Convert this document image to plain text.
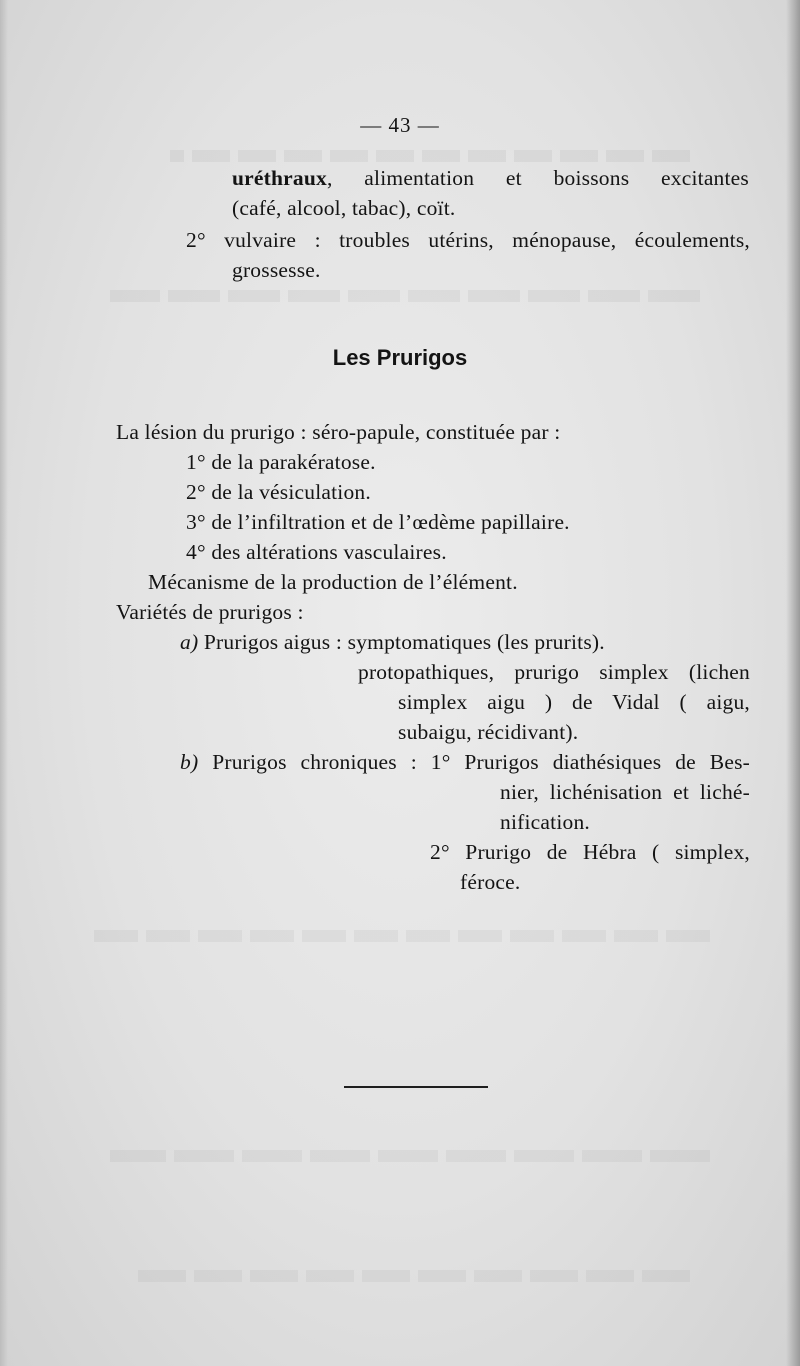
— 43 —
uréthraux, alimentation et boissons excitantes
(café, alcool, tabac), coït.
2° vulvaire : troubles utérins, ménopause, écoulements,
grossesse.
Les Prurigos
La lésion du prurigo : séro-papule, constituée par :
1° de la parakératose.
2° de la vésiculation.
3° de l’infiltration et de l’œdème papillaire.
4° des altérations vasculaires.
Mécanisme de la production de l’élément.
Variétés de prurigos :
a) Prurigos aigus : symptomatiques (les prurits).
protopathiques, prurigo simplex (lichen
simplex aigu ) de Vidal ( aigu,
subaigu, récidivant).
b) Prurigos chroniques : 1° Prurigos diathésiques de Bes-
nier, lichénisation et liché-
nification.
2° Prurigo de Hébra ( simplex,
féroce.
